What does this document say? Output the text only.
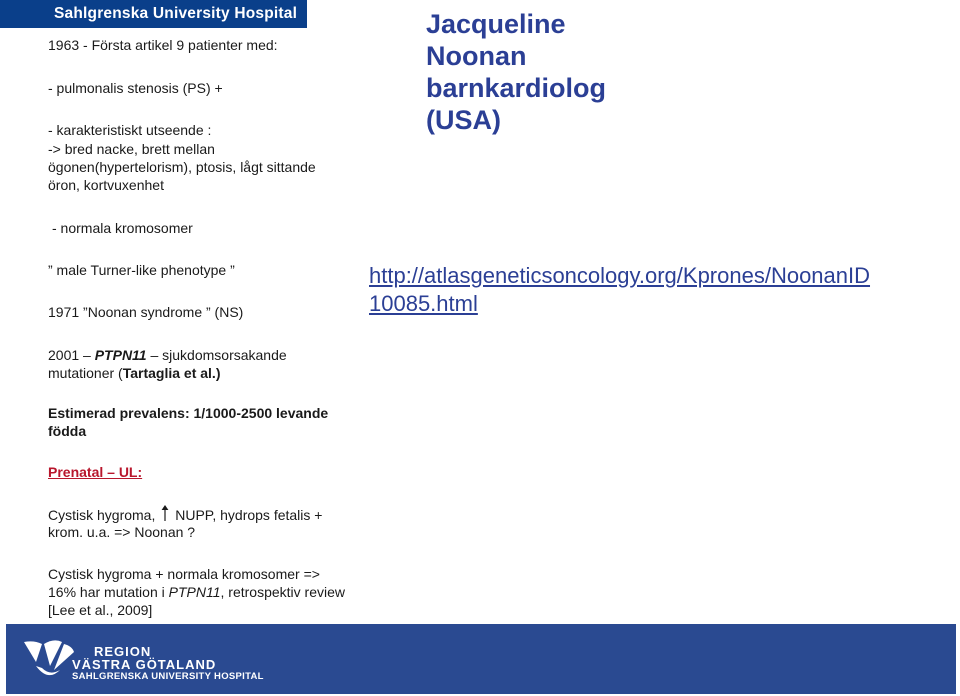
Sahlgrenska University Hospital	Jacqueline
Noonan
barnkardiolog
(USA)
1963 - Första artikel 9 patienter med:
- pulmonalis stenosis (PS) +
- karakteristiskt utseende :
-> bred nacke, brett mellan
ögonen(hypertelorism), ptosis, lågt sittande
öron, kortvuxenhet
- normala kromosomer
” male Turner-like phenotype ”
1971 ”Noonan syndrome ” (NS)
2001 – PTPN11 – sjukdomsorsakande
mutationer (Tartaglia et al.)
Estimerad prevalens: 1/1000-2500 levande
födda
Prenatal – UL:
Cystisk hygroma, NUPP, hydrops fetalis +
krom. u.a. => Noonan ?
Cystisk hygroma + normala kromosomer =>
16% har mutation i PTPN11, retrospektiv review
[Lee et al., 2009]
http://atlasgeneticsoncology.org/Kprones/NoonanID
10085.html
REGION
VÄSTRA GÖTALAND
SAHLGRENSKA UNIVERSITY HOSPITAL
